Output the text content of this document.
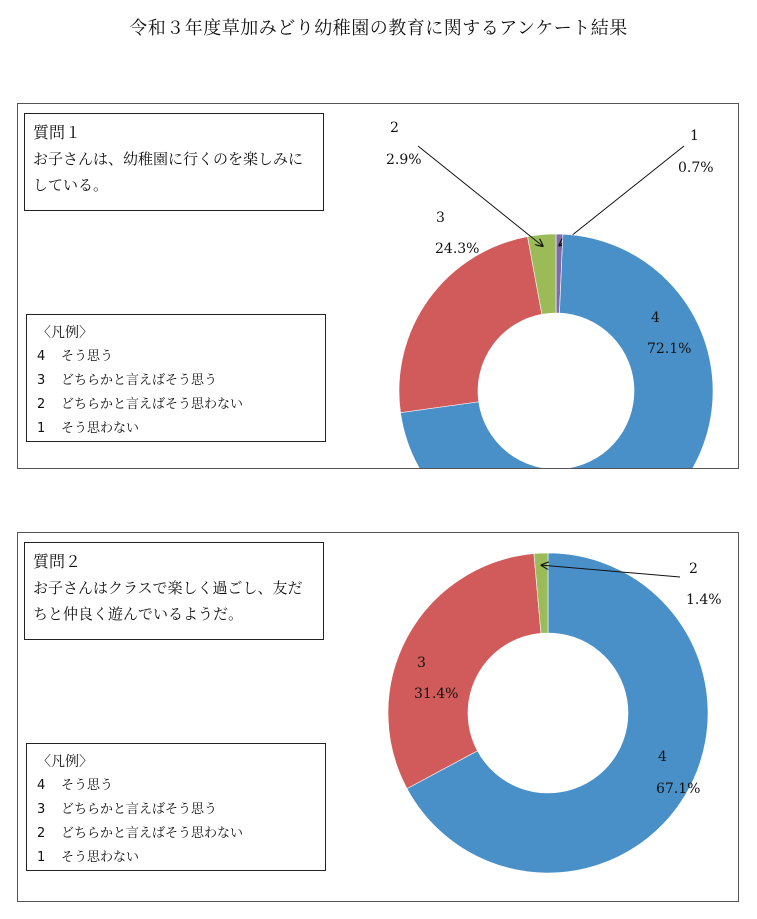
令和３年度草加みどり幼稚園の教育に関するアンケート結果
1
0.7%
4
72.1%
3
24.3%
2
2.9%
質問１
お子さんは、幼稚園に行くのを楽しみにしている。
〈凡例〉
4 そう思う
3 どちらかと言えばそう思う
2 どちらかと言えばそう思わない
1 そう思わない
4
67.1%
3
31.4%
2
1.4%
質問２
お子さんはクラスで楽しく過ごし、友だちと仲良く遊んでいるようだ。
〈凡例〉
4 そう思う
3 どちらかと言えばそう思う
2 どちらかと言えばそう思わない
1 そう思わない
